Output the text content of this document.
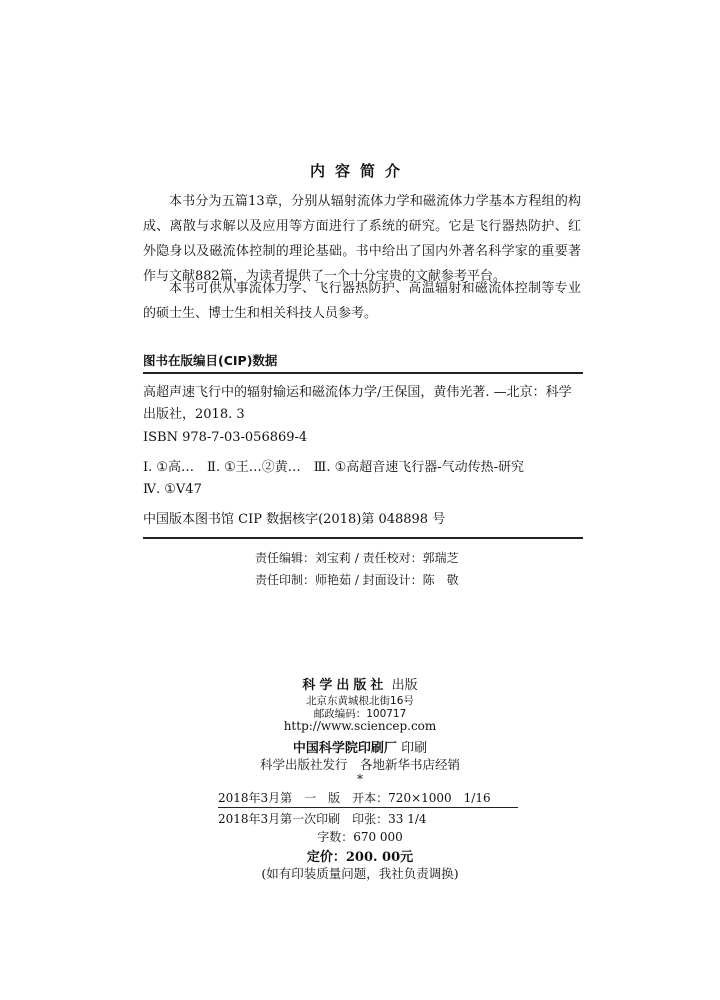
内容简介
本书分为五篇13章，分别从辐射流体力学和磁流体力学基本方程组的构成、离散与求解以及应用等方面进行了系统的研究。它是飞行器热防护、红外隐身以及磁流体控制的理论基础。书中给出了国内外著名科学家的重要著作与文献882篇，为读者提供了一个十分宝贵的文献参考平台。
本书可供从事流体力学、飞行器热防护、高温辐射和磁流体控制等专业的硕士生、博士生和相关科技人员参考。
图书在版编目(CIP)数据
高超声速飞行中的辐射输运和磁流体力学/王保国，黄伟光著. —北京：科学出版社，2018. 3
ISBN 978-7-03-056869-4
Ⅰ. ①高…　Ⅱ. ①王…②黄…　Ⅲ. ①高超音速飞行器-气动传热-研究
Ⅳ. ①V47
中国版本图书馆 CIP 数据核字(2018)第 048898 号
责任编辑：刘宝莉 / 责任校对：郭瑞芝
责任印制：师艳茹 / 封面设计：陈　敬
科学出版社 出版
北京东黄城根北街16号
邮政编码：100717
http://www.sciencep.com
中国科学院印刷厂 印刷
科学出版社发行　各地新华书店经销
*
2018年3月第　一　版　开本：720×1000　1/16
2018年3月第一次印刷　印张：33 1/4
字数：670 000
定价：200. 00元
(如有印装质量问题，我社负责调换)
